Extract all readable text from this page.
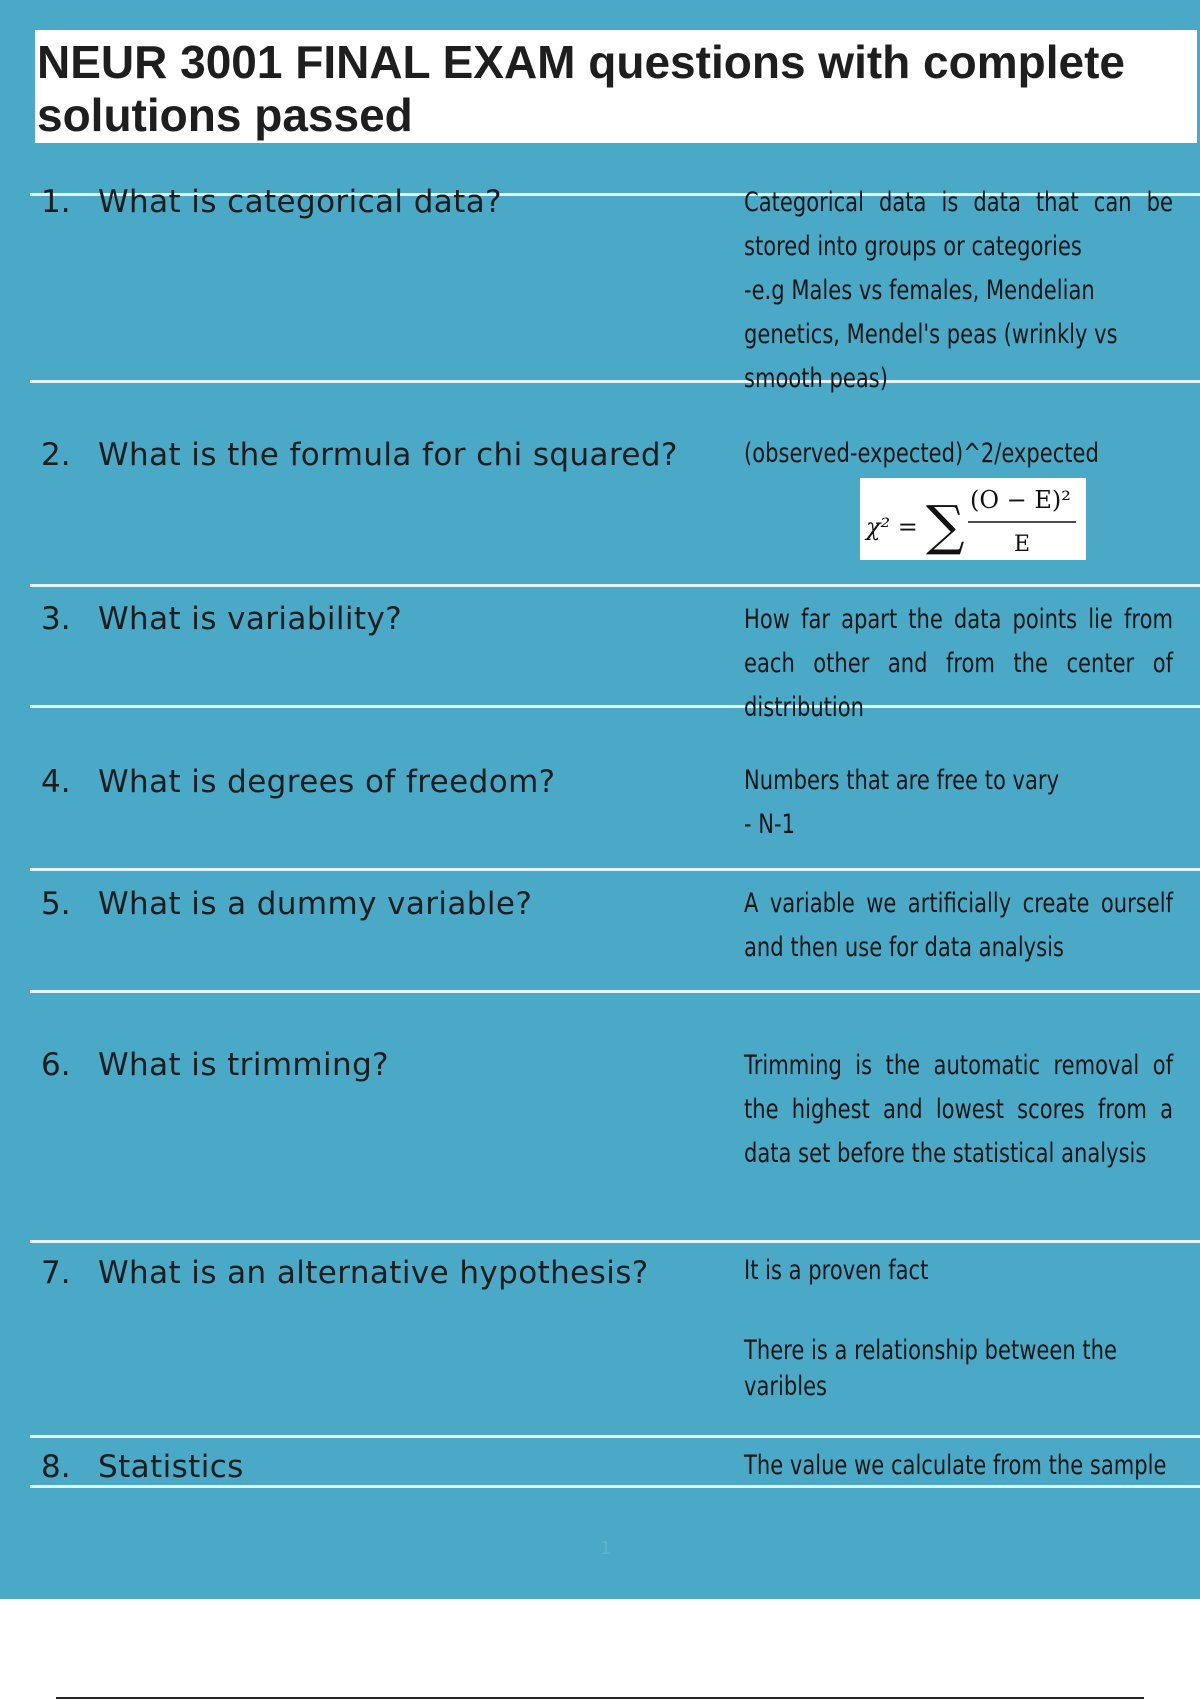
NEUR 3001 FINAL EXAM questions with complete solutions passed
1. What is categorical data?	Categorical data is data that can be stored into groups or categories

-e.g Males vs females, Mendelian genetics, Mendel's peas (wrinkly vs smooth peas)

2. What is the formula for chi squared? (observed-expected)^2/expected

χ² = ∑ (O − E)²
E
3. What is variability?	How far apart the data points lie from each other and from the center of distribution

4. What is degrees of freedom?	Numbers that are free to vary

- N-1

5. What is a dummy variable?	A variable we artificially create ourself and then use for data analysis

6. What is trimming?	Trimming is the automatic removal of the highest and lowest scores from a data set before the statistical analysis

7. What is an alternative hypothesis?	It is a proven fact

There is a relationship between the varibles

8. Statistics	The value we calculate from the sample

1
